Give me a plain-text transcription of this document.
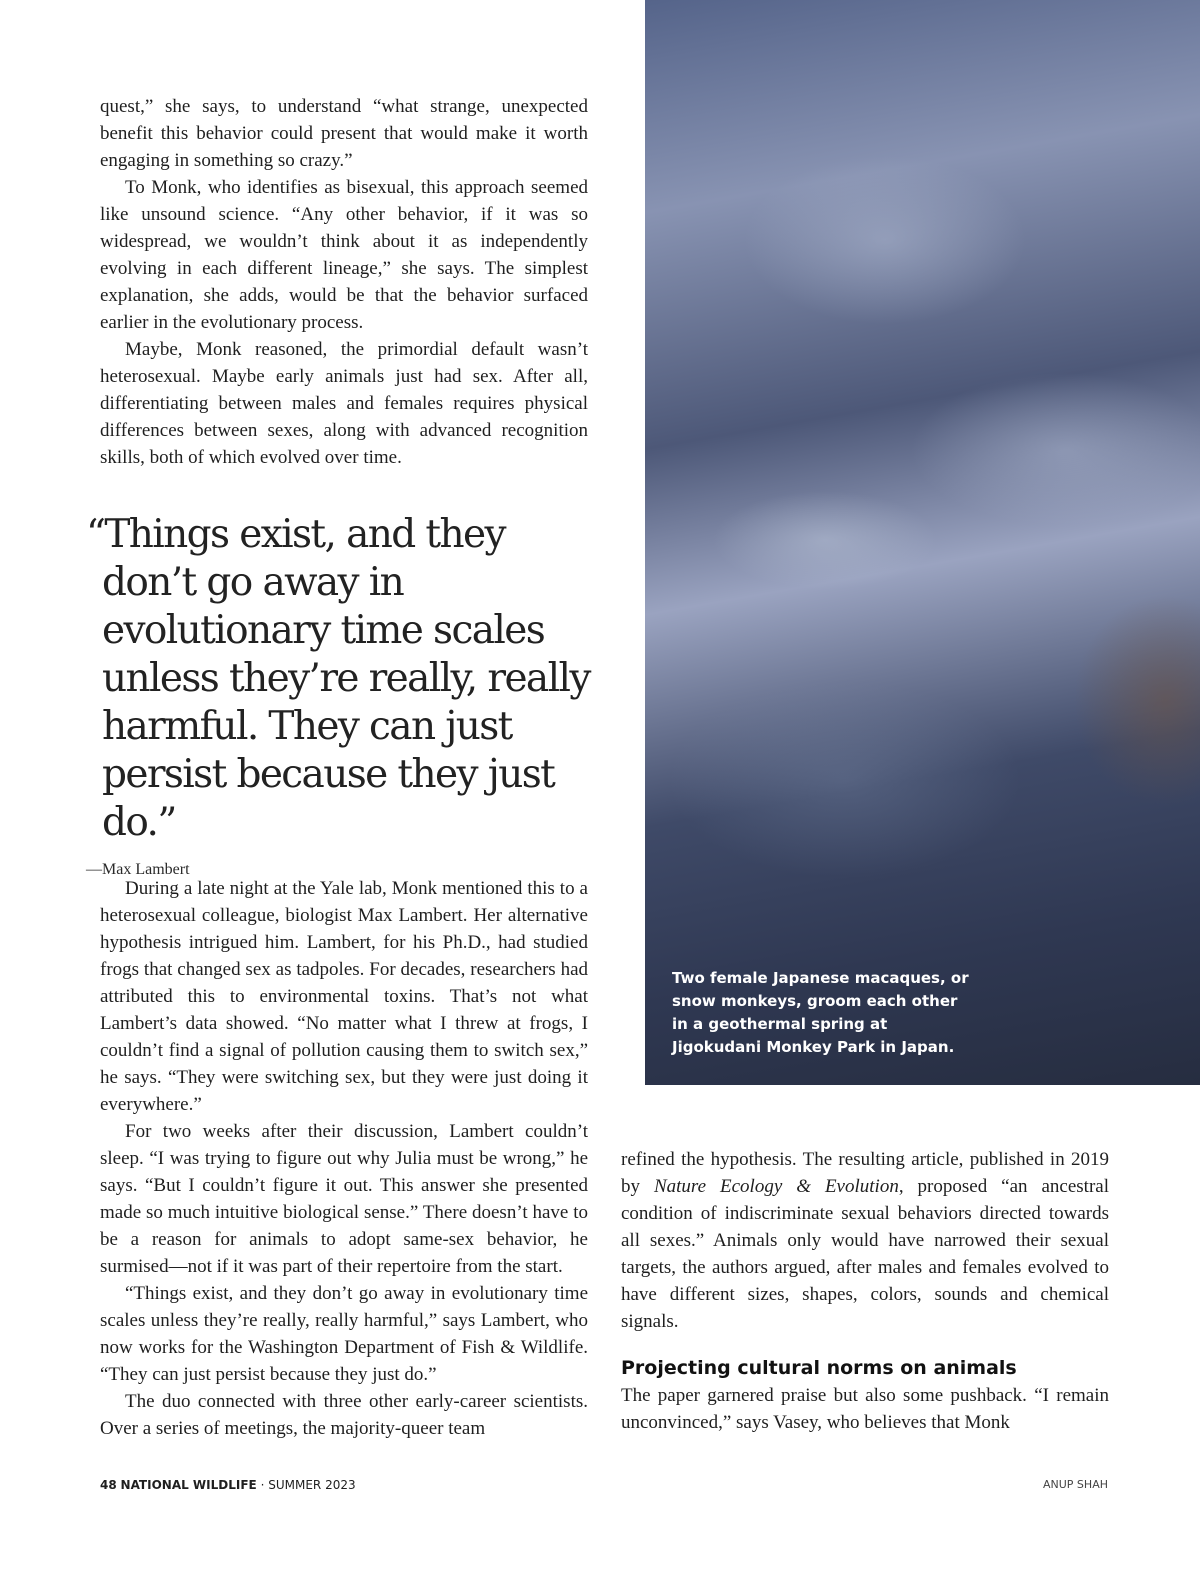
quest,” she says, to understand “what strange, unexpected benefit this behavior could present that would make it worth engaging in something so crazy.”

To Monk, who identifies as bisexual, this approach seemed like unsound science. “Any other behavior, if it was so widespread, we wouldn’t think about it as independently evolving in each different lineage,” she says. The simplest explanation, she adds, would be that the behavior surfaced earlier in the evolutionary process.

Maybe, Monk reasoned, the primordial default wasn’t heterosexual. Maybe early animals just had sex. After all, differentiating between males and females requires physical differences between sexes, along with advanced recognition skills, both of which evolved over time.

“Things exist, and they don’t go away in evolutionary time scales unless they’re really, really harmful. They can just persist because they just do.”

—Max Lambert

During a late night at the Yale lab, Monk mentioned this to a heterosexual colleague, biologist Max Lambert. Her alternative hypothesis intrigued him. Lambert, for his Ph.D., had studied frogs that changed sex as tadpoles. For decades, researchers had attributed this to environmental toxins. That’s not what Lambert’s data showed. “No matter what I threw at frogs, I couldn’t find a signal of pollution causing them to switch sex,” he says. “They were switching sex, but they were just doing it everywhere.”

For two weeks after their discussion, Lambert couldn’t sleep. “I was trying to figure out why Julia must be wrong,” he says. “But I couldn’t figure it out. This answer she presented made so much intuitive biological sense.” There doesn’t have to be a reason for animals to adopt same-sex behavior, he surmised—not if it was part of their repertoire from the start.

“Things exist, and they don’t go away in evolutionary time scales unless they’re really, really harmful,” says Lambert, who now works for the Washington Department of Fish & Wildlife. “They can just persist because they just do.”

The duo connected with three other early-career scientists. Over a series of meetings, the majority-queer team

Two female Japanese macaques, or snow monkeys, groom each other in a geothermal spring at Jigokudani Monkey Park in Japan.

refined the hypothesis. The resulting article, published in 2019 by Nature Ecology & Evolution, proposed “an ancestral condition of indiscriminate sexual behaviors directed towards all sexes.” Animals only would have narrowed their sexual targets, the authors argued, after males and females evolved to have different sizes, shapes, colors, sounds and chemical signals.

Projecting cultural norms on animals

The paper garnered praise but also some pushback. “I remain unconvinced,” says Vasey, who believes that Monk

48 NATIONAL WILDLIFE · SUMMER 2023	ANUP SHAH
